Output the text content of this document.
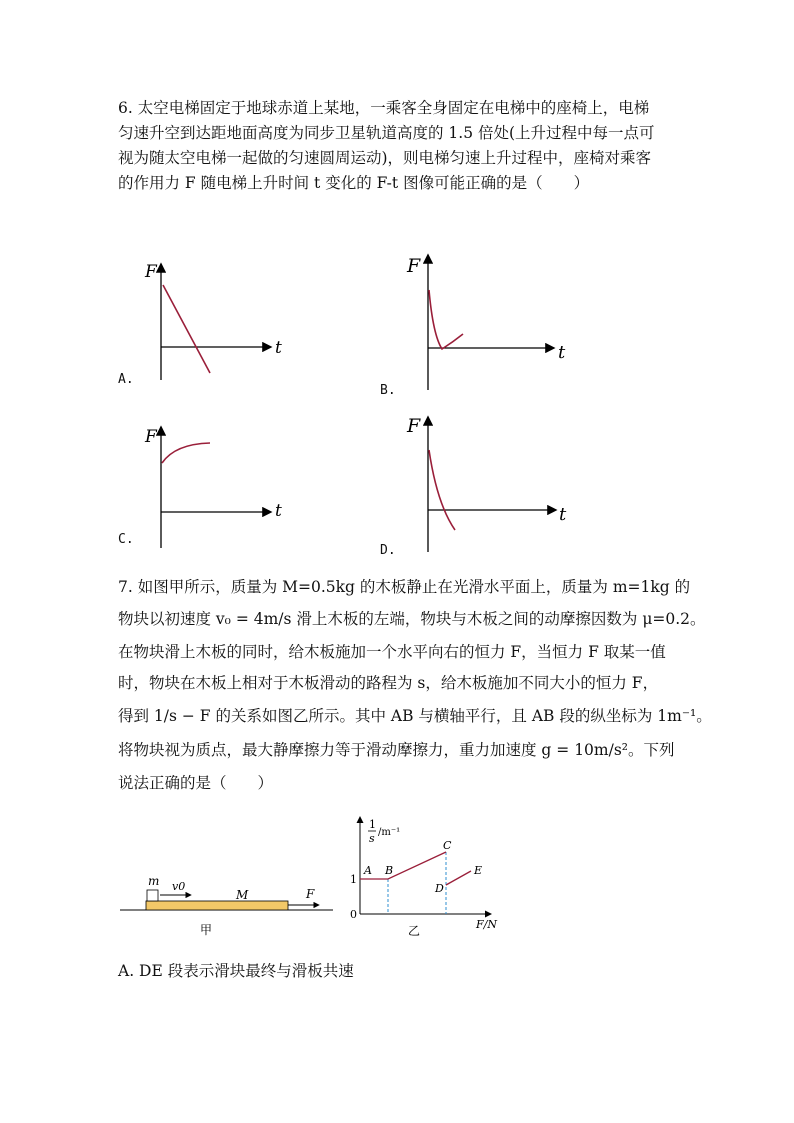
6. 太空电梯固定于地球赤道上某地，一乘客全身固定在电梯中的座椅上，电梯
匀速升空到达距地面高度为同步卫星轨道高度的 1.5 倍处(上升过程中每一点可
视为随太空电梯一起做的匀速圆周运动)，则电梯匀速上升过程中，座椅对乘客
的作用力 F 随电梯上升时间 t 变化的 F-t 图像可能正确的是（　　）
F
t
A.
F
t
B.
F
t
C.
F
t
D.
7. 如图甲所示，质量为 M=0.5kg 的木板静止在光滑水平面上，质量为 m=1kg 的
物块以初速度 v₀ = 4m/s 滑上木板的左端，物块与木板之间的动摩擦因数为 μ=0.2。
在物块滑上木板的同时，给木板施加一个水平向右的恒力 F，当恒力 F 取某一值
时，物块在木板上相对于木板滑动的路程为 s，给木板施加不同大小的恒力 F，
得到 1/s − F 的关系如图乙所示。其中 AB 与横轴平行，且 AB 段的纵坐标为 1m⁻¹。
将物块视为质点，最大静摩擦力等于滑动摩擦力，重力加速度 g = 10m/s²。下列
说法正确的是（　　）
m v0
M	F
甲
1
s /m⁻¹
1
0
A B
C
D
E
F/N
乙
A. DE 段表示滑块最终与滑板共速
